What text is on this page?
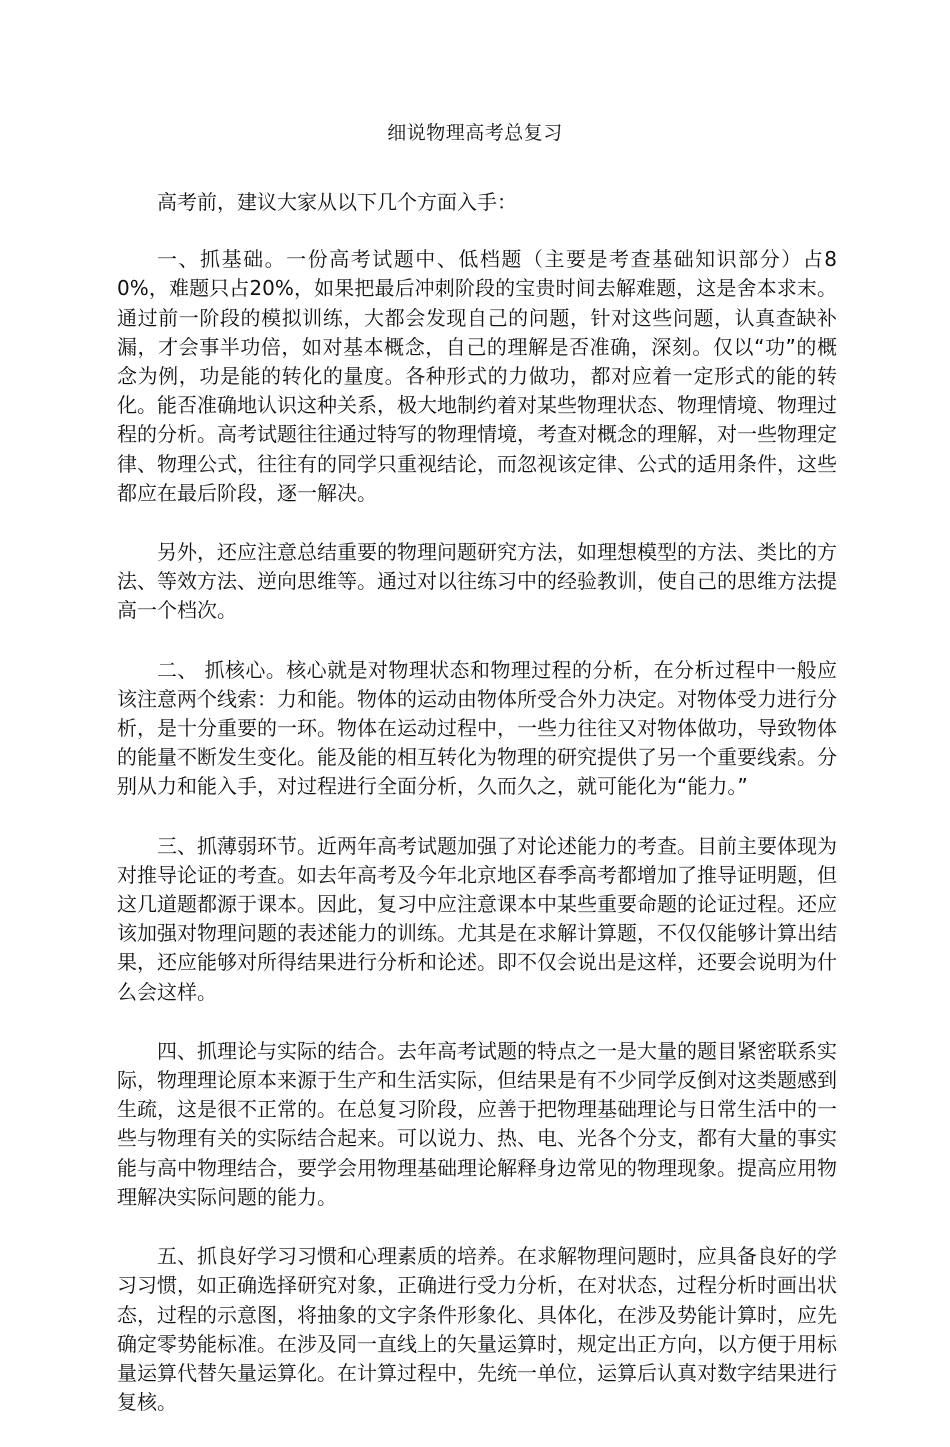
细说物理高考总复习

高考前，建议大家从以下几个方面入手：

一、抓基础。一份高考试题中、低档题（主要是考查基础知识部分）占80%，难题只占20%，如果把最后冲刺阶段的宝贵时间去解难题，这是舍本求末。通过前一阶段的模拟训练，大都会发现自己的问题，针对这些问题，认真查缺补漏，才会事半功倍，如对基本概念，自己的理解是否准确，深刻。仅以“功”的概念为例，功是能的转化的量度。各种形式的力做功，都对应着一定形式的能的转化。能否准确地认识这种关系，极大地制约着对某些物理状态、物理情境、物理过程的分析。高考试题往往通过特写的物理情境，考查对概念的理解，对一些物理定律、物理公式，往往有的同学只重视结论，而忽视该定律、公式的适用条件，这些都应在最后阶段，逐一解决。

另外，还应注意总结重要的物理问题研究方法，如理想模型的方法、类比的方法、等效方法、逆向思维等。通过对以往练习中的经验教训，使自己的思维方法提高一个档次。

二、 抓核心。核心就是对物理状态和物理过程的分析，在分析过程中一般应该注意两个线索：力和能。物体的运动由物体所受合外力决定。对物体受力进行分析，是十分重要的一环。物体在运动过程中，一些力往往又对物体做功，导致物体的能量不断发生变化。能及能的相互转化为物理的研究提供了另一个重要线索。分别从力和能入手，对过程进行全面分析，久而久之，就可能化为“能力。”

三、抓薄弱环节。近两年高考试题加强了对论述能力的考查。目前主要体现为对推导论证的考查。如去年高考及今年北京地区春季高考都增加了推导证明题，但这几道题都源于课本。因此，复习中应注意课本中某些重要命题的论证过程。还应该加强对物理问题的表述能力的训练。尤其是在求解计算题，不仅仅能够计算出结果，还应能够对所得结果进行分析和论述。即不仅会说出是这样，还要会说明为什么会这样。

四、抓理论与实际的结合。去年高考试题的特点之一是大量的题目紧密联系实际，物理理论原本来源于生产和生活实际，但结果是有不少同学反倒对这类题感到生疏，这是很不正常的。在总复习阶段，应善于把物理基础理论与日常生活中的一些与物理有关的实际结合起来。可以说力、热、电、光各个分支，都有大量的事实能与高中物理结合，要学会用物理基础理论解释身边常见的物理现象。提高应用物理解决实际问题的能力。

五、抓良好学习习惯和心理素质的培养。在求解物理问题时，应具备良好的学习习惯，如正确选择研究对象，正确进行受力分析，在对状态，过程分析时画出状态，过程的示意图，将抽象的文字条件形象化、具体化，在涉及势能计算时，应先确定零势能标准。在涉及同一直线上的矢量运算时，规定出正方向，以方便于用标量运算代替矢量运算化。在计算过程中，先统一单位，运算后认真对数字结果进行复核。
